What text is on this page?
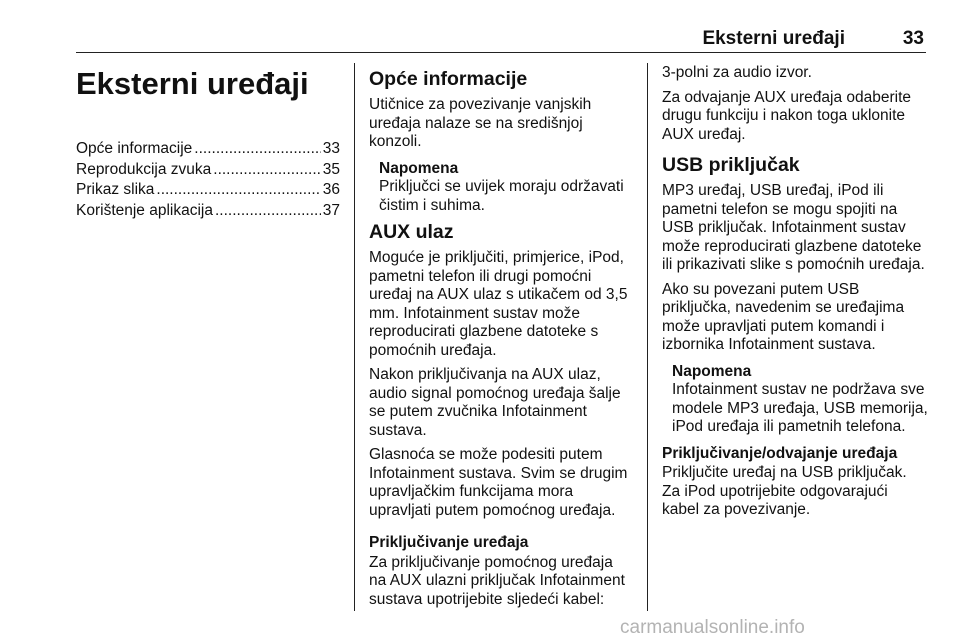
Eksterni uređaji	33
Eksterni uređaji
Opće informacije .....	33
Reprodukcija zvuka .....	35
Prikaz slika .....	36
Korištenje aplikacija .....	37
Opće informacije
Utičnice za povezivanje vanjskih uređaja nalaze se na središnjoj konzoli.
Napomena
Priključci se uvijek moraju održavati čistim i suhima.
AUX ulaz
Moguće je priključiti, primjerice, iPod, pametni telefon ili drugi pomoćni uređaj na AUX ulaz s utikačem od 3,5 mm. Infotainment sustav može reproducirati glazbene datoteke s pomoćnih uređaja.
Nakon priključivanja na AUX ulaz, audio signal pomoćnog uređaja šalje se putem zvučnika Infotainment sustava.
Glasnoća se može podesiti putem Infotainment sustava. Svim se drugim upravljačkim funkcijama mora upravljati putem pomoćnog uređaja.
Priključivanje uređaja
Za priključivanje pomoćnog uređaja na AUX ulazni priključak Infotainment sustava upotrijebite sljedeći kabel:
3-polni za audio izvor.
Za odvajanje AUX uređaja odaberite drugu funkciju i nakon toga uklonite AUX uređaj.
USB priključak
MP3 uređaj, USB uređaj, iPod ili pametni telefon se mogu spojiti na USB priključak. Infotainment sustav može reproducirati glazbene datoteke ili prikazivati slike s pomoćnih uređaja.
Ako su povezani putem USB priključka, navedenim se uređajima može upravljati putem komandi i izbornika Infotainment sustava.
Napomena
Infotainment sustav ne podržava sve modele MP3 uređaja, USB memorija, iPod uređaja ili pametnih telefona.
Priključivanje/odvajanje uređaja
Priključite uređaj na USB priključak. Za iPod upotrijebite odgovarajući kabel za povezivanje.
carmanualsonline.info
